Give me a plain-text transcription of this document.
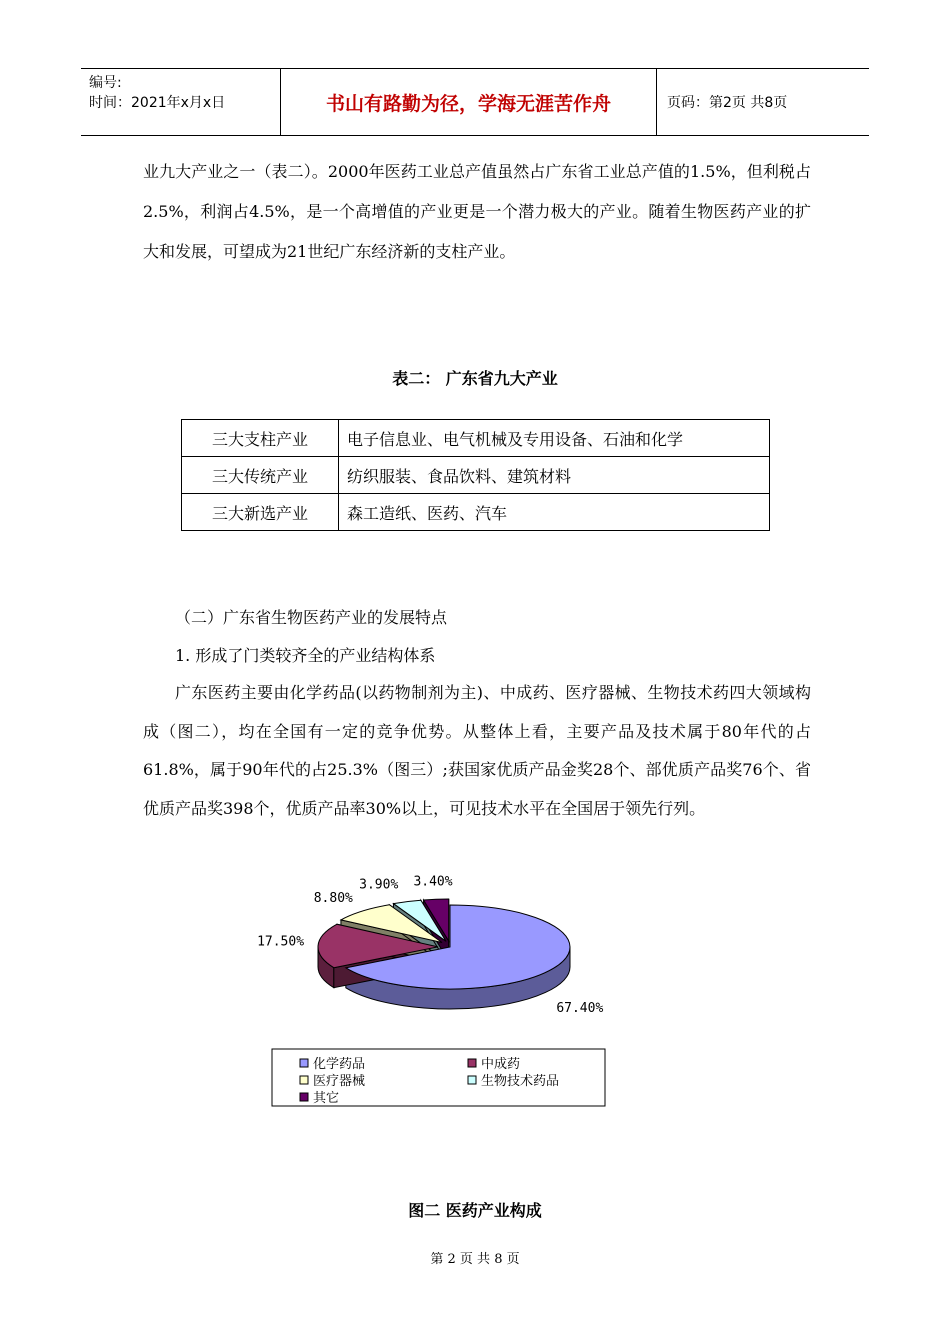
编号:
时间：2021年x月x日	书山有路勤为径，学海无涯苦作舟	页码：第2页 共8页

业九大产业之一（表二）。2000年医药工业总产值虽然占广东省工业总产值的1.5%，但利税占2.5%，利润占4.5%，是一个高增值的产业更是一个潜力极大的产业。随着生物医药产业的扩大和发展，可望成为21世纪广东经济新的支柱产业。

表二： 广东省九大产业
三大支柱产业	电子信息业、电气机械及专用设备、石油和化学
三大传统产业	纺织服装、食品饮料、建筑材料
三大新选产业	森工造纸、医药、汽车
（二）广东省生物医药产业的发展特点
1. 形成了门类较齐全的产业结构体系

广东医药主要由化学药品(以药物制剂为主)、中成药、医疗器械、生物技术药四大领域构成（图二），均在全国有一定的竞争优势。从整体上看，主要产品及技术属于80年代的占61.8%，属于90年代的占25.3%（图三）;获国家优质产品金奖28个、部优质产品奖76个、省优质产品奖398个，优质产品率30%以上，可见技术水平在全国居于领先行列。

67.40%
17.50%
8.80%
3.90% 3.40%
化学药品	中成药
医疗器械	生物技术药品
其它
图二 医药产业构成
第 2 页 共 8 页
